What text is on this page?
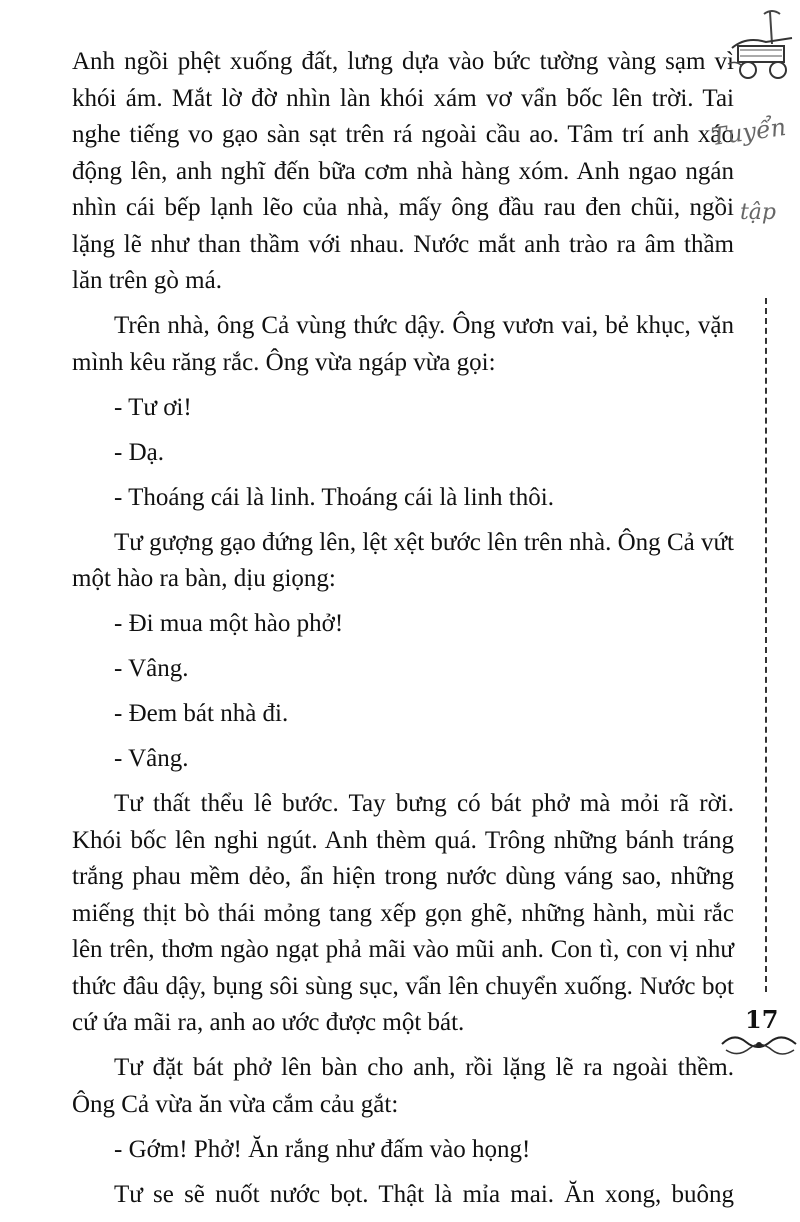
Anh ngồi phệt xuống đất, lưng dựa vào bức tường vàng sạm vì khói ám. Mắt lờ đờ nhìn làn khói xám vơ vẩn bốc lên trời. Tai nghe tiếng vo gạo sàn sạt trên rá ngoài cầu ao. Tâm trí anh xáo động lên, anh nghĩ đến bữa cơm nhà hàng xóm. Anh ngao ngán nhìn cái bếp lạnh lẽo của nhà, mấy ông đầu rau đen chũi, ngồi lặng lẽ như than thầm với nhau. Nước mắt anh trào ra âm thầm lăn trên gò má.

Trên nhà, ông Cả vùng thức dậy. Ông vươn vai, bẻ khục, vặn mình kêu răng rắc. Ông vừa ngáp vừa gọi:

- Tư ơi!

- Dạ.

- Thoáng cái là linh. Thoáng cái là linh thôi.

Tư gượng gạo đứng lên, lệt xệt bước lên trên nhà. Ông Cả vứt một hào ra bàn, dịu giọng:

- Đi mua một hào phở!

- Vâng.

- Đem bát nhà đi.

- Vâng.

Tư thất thểu lê bước. Tay bưng có bát phở mà mỏi rã rời. Khói bốc lên nghi ngút. Anh thèm quá. Trông những bánh tráng trắng phau mềm dẻo, ẩn hiện trong nước dùng váng sao, những miếng thịt bò thái mỏng tang xếp gọn ghẽ, những hành, mùi rắc lên trên, thơm ngào ngạt phả mãi vào mũi anh. Con tì, con vị như thức đâu dậy, bụng sôi sùng sục, vẩn lên chuyển xuống. Nước bọt cứ ứa mãi ra, anh ao ước được một bát.

Tư đặt bát phở lên bàn cho anh, rồi lặng lẽ ra ngoài thềm. Ông Cả vừa ăn vừa cắm cảu gắt:

- Gớm! Phở! Ăn rắng như đấm vào họng!

Tư se sẽ nuốt nước bọt. Thật là mỉa mai. Ăn xong, buông

Tuyển
tập
17
